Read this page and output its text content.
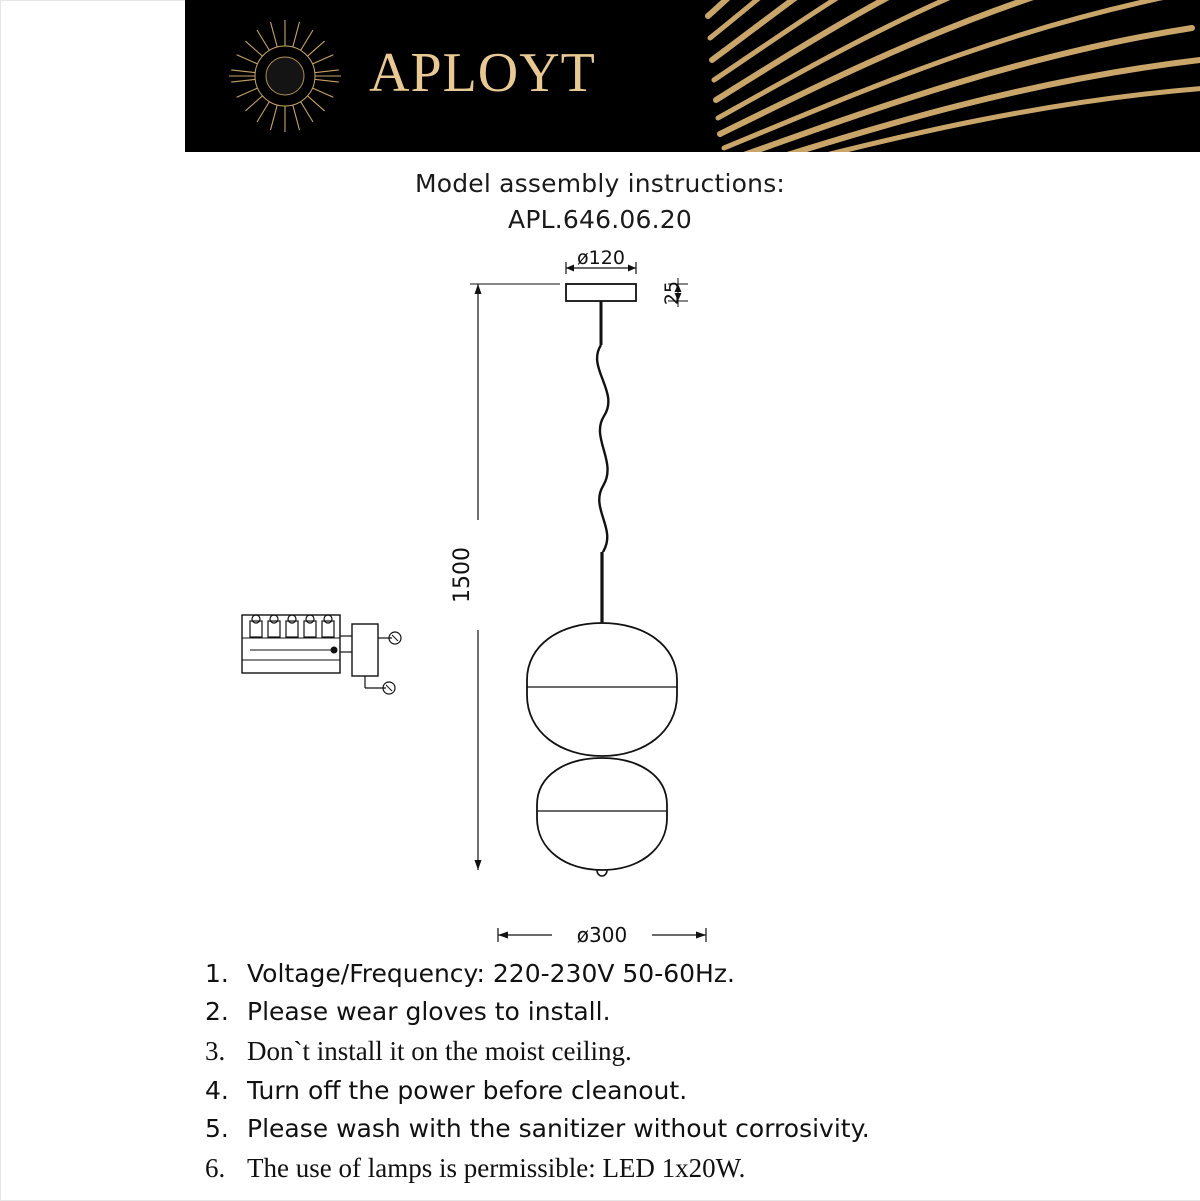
APLOYT
Model assembly instructions:
APL.646.06.20
ø120
25
1500
ø300
1. Voltage/Frequency: 220-230V 50-60Hz.
2. Please wear gloves to install.
3. Don`t install it on the moist ceiling.
4. Turn off the power before cleanout.
5. Please wash with the sanitizer without corrosivity.
6. The use of lamps is permissible: LED 1x20W.
